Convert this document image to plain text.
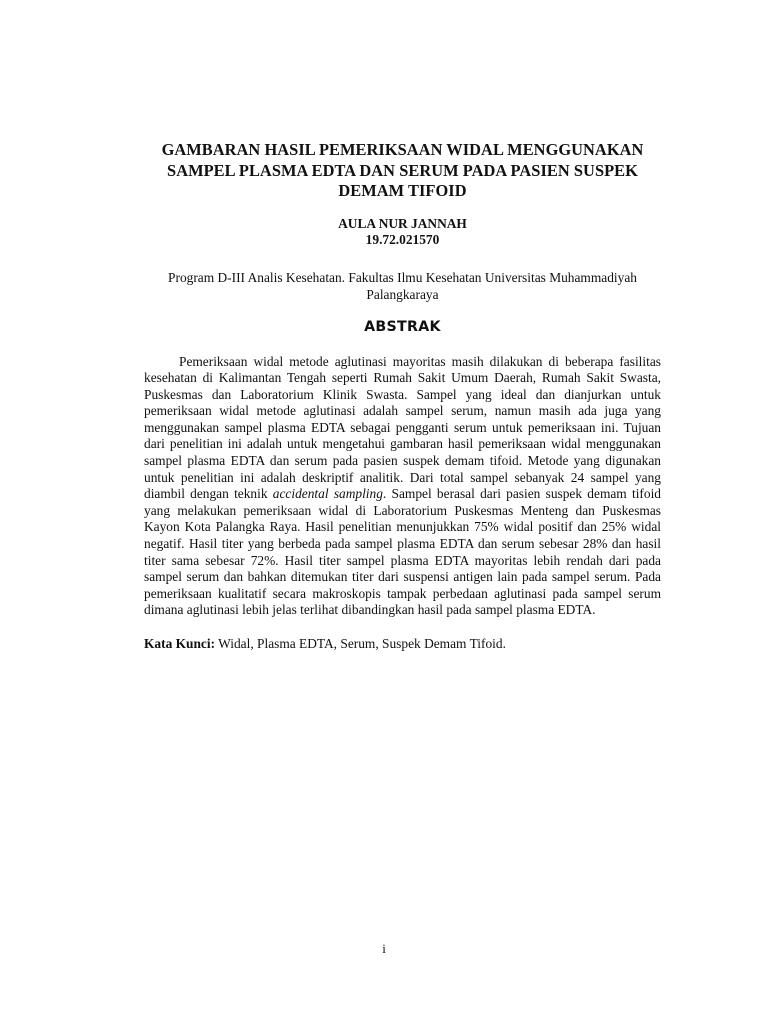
GAMBARAN HASIL PEMERIKSAAN WIDAL MENGGUNAKAN SAMPEL PLASMA EDTA DAN SERUM PADA PASIEN SUSPEK DEMAM TIFOID
AULA NUR JANNAH
19.72.021570
Program D-III Analis Kesehatan. Fakultas Ilmu Kesehatan Universitas Muhammadiyah Palangkaraya
ABSTRAK

Pemeriksaan widal metode aglutinasi mayoritas masih dilakukan di beberapa fasilitas kesehatan di Kalimantan Tengah seperti Rumah Sakit Umum Daerah, Rumah Sakit Swasta, Puskesmas dan Laboratorium Klinik Swasta. Sampel yang ideal dan dianjurkan untuk pemeriksaan widal metode aglutinasi adalah sampel serum, namun masih ada juga yang menggunakan sampel plasma EDTA sebagai pengganti serum untuk pemeriksaan ini. Tujuan dari penelitian ini adalah untuk mengetahui gambaran hasil pemeriksaan widal menggunakan sampel plasma EDTA dan serum pada pasien suspek demam tifoid. Metode yang digunakan untuk penelitian ini adalah deskriptif analitik. Dari total sampel sebanyak 24 sampel yang diambil dengan teknik accidental sampling. Sampel berasal dari pasien suspek demam tifoid yang melakukan pemeriksaan widal di Laboratorium Puskesmas Menteng dan Puskesmas Kayon Kota Palangka Raya. Hasil penelitian menunjukkan 75% widal positif dan 25% widal negatif. Hasil titer yang berbeda pada sampel plasma EDTA dan serum sebesar 28% dan hasil titer sama sebesar 72%. Hasil titer sampel plasma EDTA mayoritas lebih rendah dari pada sampel serum dan bahkan ditemukan titer dari suspensi antigen lain pada sampel serum. Pada pemeriksaan kualitatif secara makroskopis tampak perbedaan aglutinasi pada sampel serum dimana aglutinasi lebih jelas terlihat dibandingkan hasil pada sampel plasma EDTA.

Kata Kunci: Widal, Plasma EDTA, Serum, Suspek Demam Tifoid.

i
